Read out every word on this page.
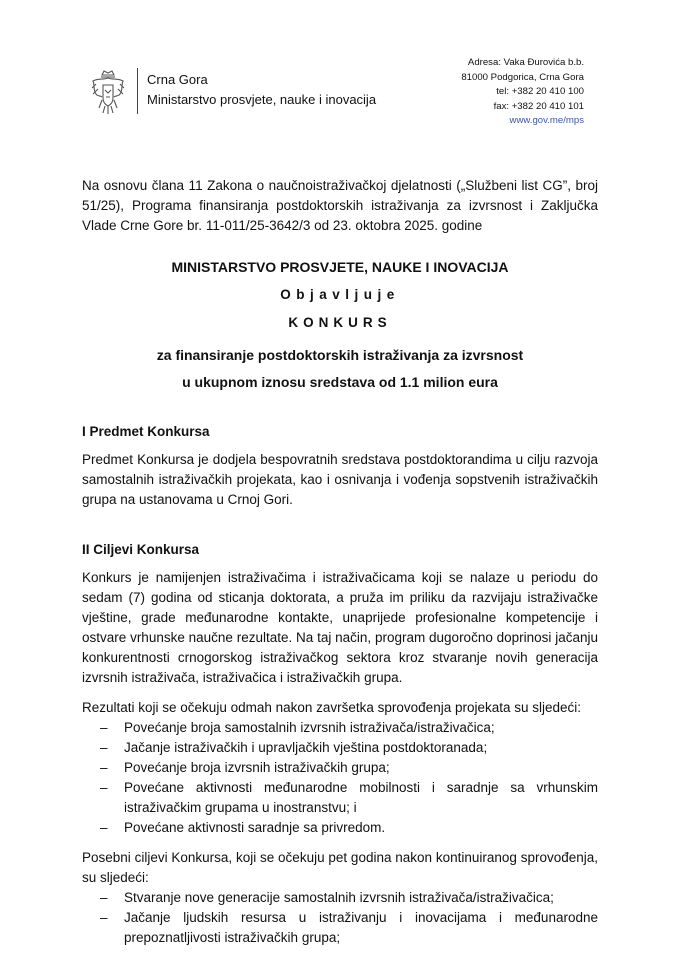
Crna Gora
Ministarstvo prosvjete, nauke i inovacija
Adresa: Vaka Đurovića b.b.
81000 Podgorica, Crna Gora
tel: +382 20 410 100
fax: +382 20 410 101
www.gov.me/mps

Na osnovu člana 11 Zakona o naučnoistraživačkoj djelatnosti („Službeni list CG”, broj 51/25), Programa finansiranja postdoktorskih istraživanja za izvrsnost i Zaključka Vlade Crne Gore br. 11-011/25-3642/3 od 23. oktobra 2025. godine

MINISTARSTVO PROSVJETE, NAUKE I INOVACIJA
Objavljuje
KONKURS
za finansiranje postdoktorskih istraživanja za izvrsnost
u ukupnom iznosu sredstava od 1.1 milion eura
I Predmet Konkursa

Predmet Konkursa je dodjela bespovratnih sredstava postdoktorandima u cilju razvoja samostalnih istraživačkih projekata, kao i osnivanja i vođenja sopstvenih istraživačkih grupa na ustanovama u Crnoj Gori.

II Ciljevi Konkursa

Konkurs je namijenjen istraživačima i istraživačicama koji se nalaze u periodu do sedam (7) godina od sticanja doktorata, a pruža im priliku da razvijaju istraživačke vještine, grade međunarodne kontakte, unaprijede profesionalne kompetencije i ostvare vrhunske naučne rezultate. Na taj način, program dugoročno doprinosi jačanju konkurentnosti crnogorskog istraživačkog sektora kroz stvaranje novih generacija izvrsnih istraživača, istraživačica i istraživačkih grupa.

Rezultati koji se očekuju odmah nakon završetka sprovođenja projekata su sljedeći:

– Povećanje broja samostalnih izvrsnih istraživača/istraživačica;
– Jačanje istraživačkih i upravljačkih vještina postdoktoranada;
– Povećanje broja izvrsnih istraživačkih grupa;
– Povećane aktivnosti međunarodne mobilnosti i saradnje sa vrhunskim istraživačkim grupama u inostranstvu; i
– Povećane aktivnosti saradnje sa privredom.

Posebni ciljevi Konkursa, koji se očekuju pet godina nakon kontinuiranog sprovođenja, su sljedeći:

– Stvaranje nove generacije samostalnih izvrsnih istraživača/istraživačica;
– Jačanje ljudskih resursa u istraživanju i inovacijama i međunarodne prepoznatljivosti istraživačkih grupa;
